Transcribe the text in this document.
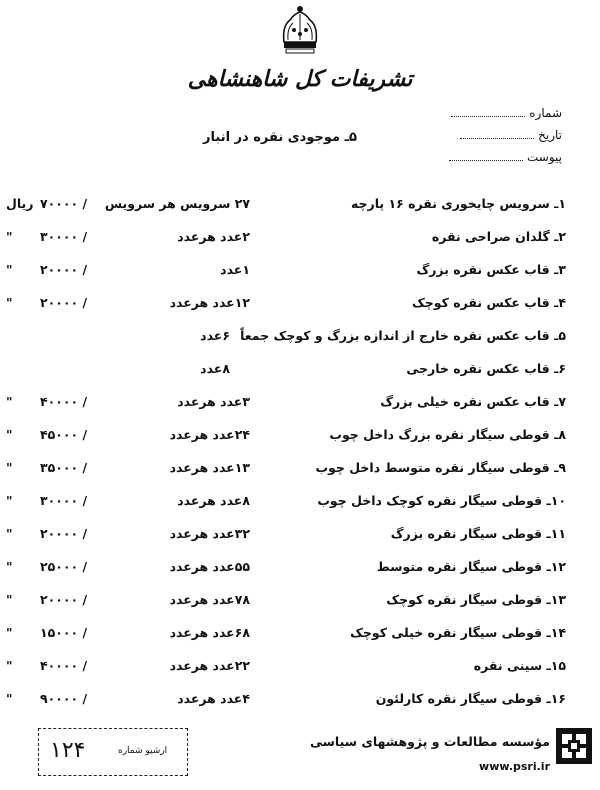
تشریفات کل شاهنشاهی
شماره
تاریخ
پیوست
۵ـ موجودی نقره در انبار
۱ـ سرویس چایخوری نقره ۱۶ پارچه
۲۷ سرویس هر سرویس
۷۰۰۰۰ /
ریال
۲ـ گلدان صراحی نقره
۲عدد هرعدد
۳۰۰۰۰ /
"
۳ـ قاب عکس نقره بزرگ
۱عدد
۲۰۰۰۰ /
"
۴ـ قاب عکس نقره کوچک
۱۲عدد هرعدد
۲۰۰۰۰ /
"
۵ـ قاب عکس نقره خارج از اندازه بزرگ و کوچک جمعاً
۶عدد
۶ـ قاب عکس نقره خارجی
۸عدد
۷ـ قاب عکس نقره خیلی بزرگ
۳عدد هرعدد
۴۰۰۰۰ /
"
۸ـ قوطی سیگار نقره بزرگ داخل چوب
۲۴عدد هرعدد
۴۵۰۰۰ /
"
۹ـ قوطی سیگار نقره متوسط داخل چوب
۱۳عدد هرعدد
۳۵۰۰۰ /
"
۱۰ـ قوطی سیگار نقره کوچک داخل چوب
۸عدد هرعدد
۳۰۰۰۰ /
"
۱۱ـ قوطی سیگار نقره بزرگ
۳۲عدد هرعدد
۲۰۰۰۰ /
"
۱۲ـ قوطی سیگار نقره متوسط
۵۵عدد هرعدد
۲۵۰۰۰ /
"
۱۳ـ قوطی سیگار نقره کوچک
۷۸عدد هرعدد
۲۰۰۰۰ /
"
۱۴ـ قوطی سیگار نقره خیلی کوچک
۶۸عدد هرعدد
۱۵۰۰۰ /
"
۱۵ـ سینی نقره
۲۲عدد هرعدد
۴۰۰۰۰ /
"
۱۶ـ قوطی سیگار نقره کارلئون
۴عدد هرعدد
۹۰۰۰۰ /
"
۱۲۴	ارشیو شماره
مؤسسه مطالعات و پژوهشهای سیاسی
www.psri.ir
